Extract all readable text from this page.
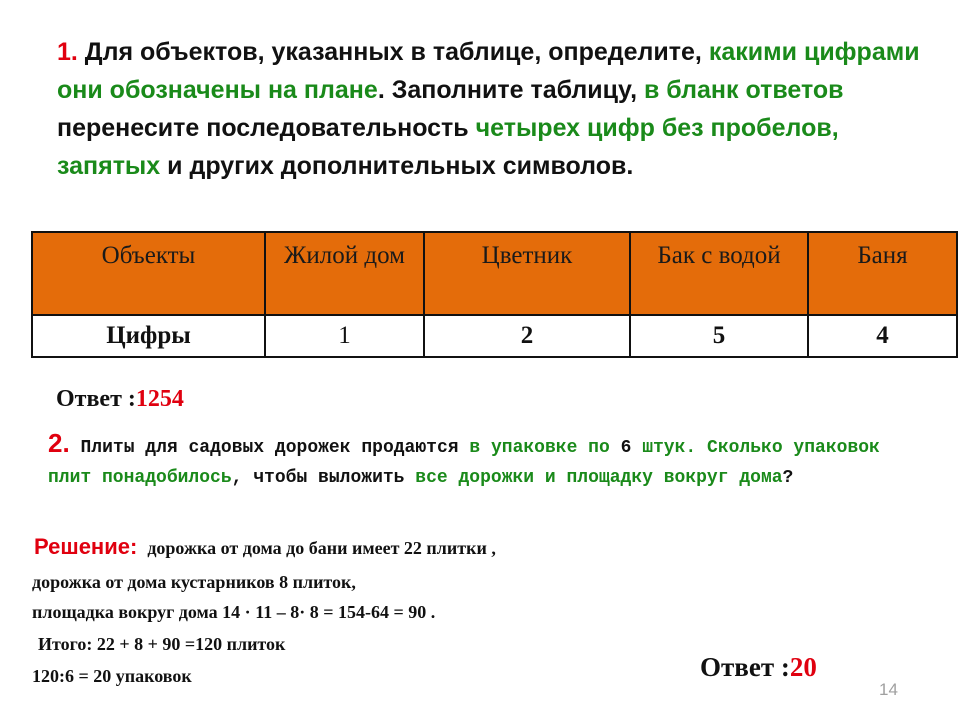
1. Для объектов, указанных в таблице, определите, какими цифрами они обозначены на плане. Заполните таблицу, в бланк ответов перенесите последовательность четырех цифр без пробелов, запятых и других дополнительных символов.
Объекты	Жилой дом	Цветник	Бак с водой	Баня
Цифры	1	2	5	4
Ответ :1254
2. Плиты для садовых дорожек продаются в упаковке по 6 штук. Сколько упаковок плит понадобилось, чтобы выложить все дорожки и площадку вокруг дома?
Решение: дорожка от дома до бани имеет 22 плитки ,
дорожка от дома кустарников 8 плиток,
площадка вокруг дома 14 · 11 – 8· 8 = 154-64 = 90 .
Итого: 22 + 8 + 90 =120 плиток
120:6 = 20 упаковок	Ответ :20
14
